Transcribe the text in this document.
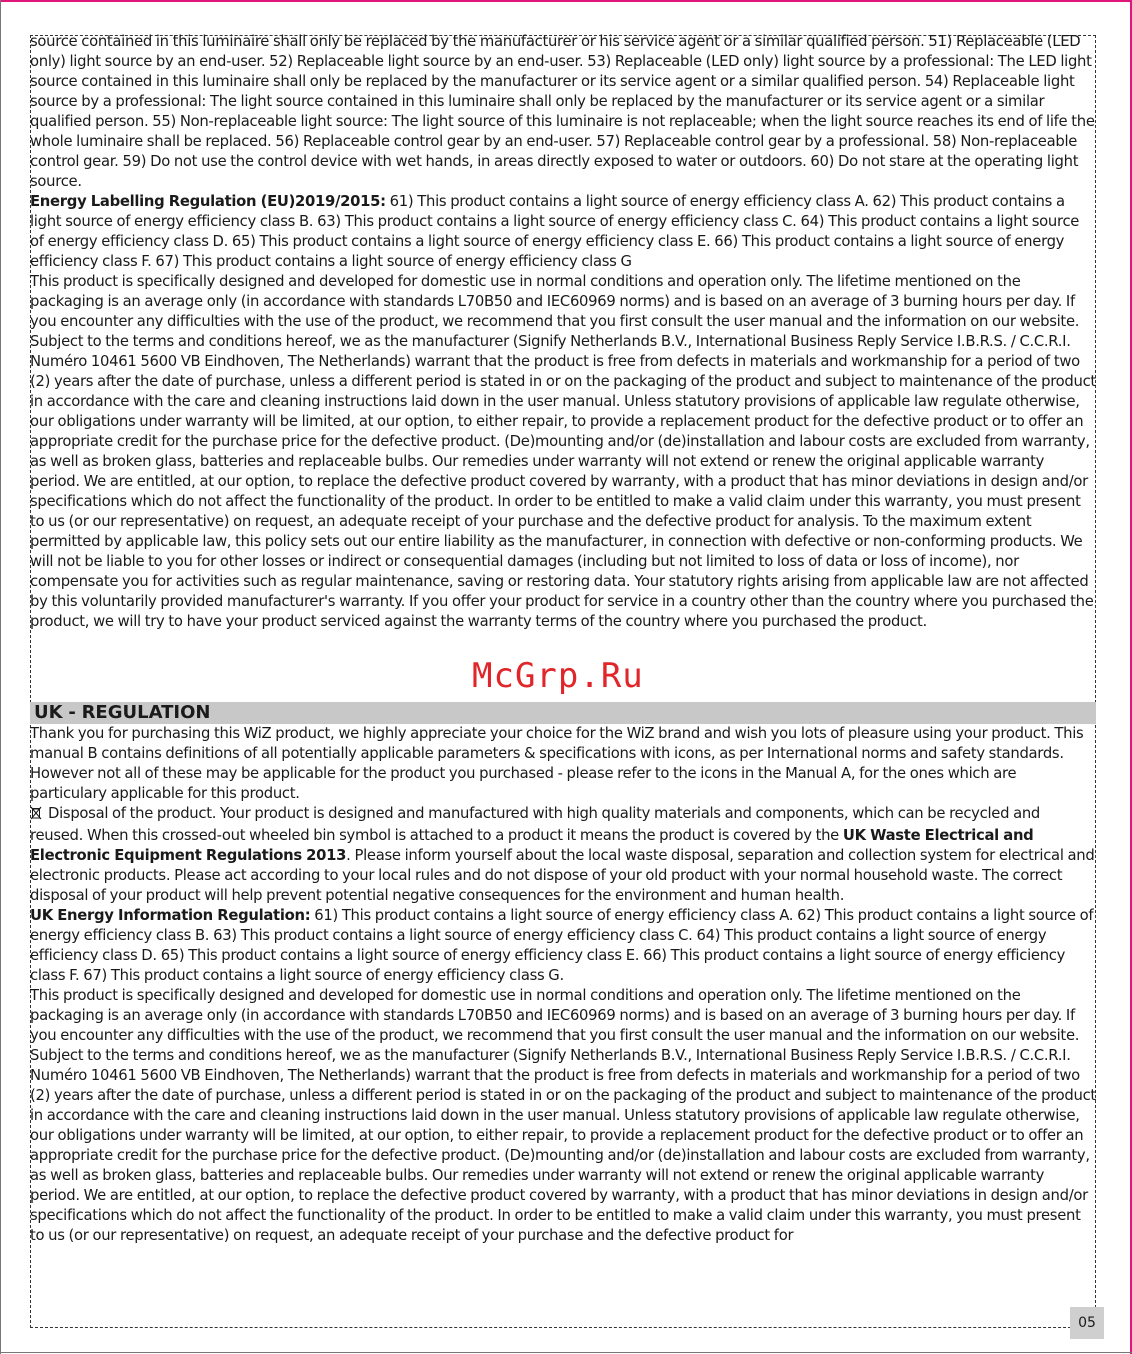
source contained in this luminaire shall only be replaced by the manufacturer or his service agent or a similar qualified person. 51) Replaceable (LED only) light source by an end-user. 52) Replaceable light source by an end-user. 53) Replaceable (LED only) light source by a professional: The LED light source contained in this luminaire shall only be replaced by the manufacturer or its service agent or a similar qualified person. 54) Replaceable light source by a professional: The light source contained in this luminaire shall only be replaced by the manufacturer or its service agent or a similar qualified person. 55) Non-replaceable light source: The light source of this luminaire is not replaceable; when the light source reaches its end of life the whole luminaire shall be replaced. 56) Replaceable control gear by an end-user. 57) Replaceable control gear by a professional. 58) Non-replaceable control gear. 59) Do not use the control device with wet hands, in areas directly exposed to water or outdoors. 60) Do not stare at the operating light source.

Energy Labelling Regulation (EU)2019/2015: 61) This product contains a light source of energy efficiency class A. 62) This product contains a light source of energy efficiency class B. 63) This product contains a light source of energy efficiency class C. 64) This product contains a light source of energy efficiency class D. 65) This product contains a light source of energy efficiency class E. 66) This product contains a light source of energy efficiency class F. 67) This product contains a light source of energy efficiency class G

This product is specifically designed and developed for domestic use in normal conditions and operation only. The lifetime mentioned on the packaging is an average only (in accordance with standards L70B50 and IEC60969 norms) and is based on an average of 3 burning hours per day. If you encounter any difficulties with the use of the product, we recommend that you first consult the user manual and the information on our website. Subject to the terms and conditions hereof, we as the manufacturer (Signify Netherlands B.V., International Business Reply Service I.B.R.S. / C.C.R.I. Numéro 10461 5600 VB Eindhoven, The Netherlands) warrant that the product is free from defects in materials and workmanship for a period of two (2) years after the date of purchase, unless a different period is stated in or on the packaging of the product and subject to maintenance of the product in accordance with the care and cleaning instructions laid down in the user manual. Unless statutory provisions of applicable law regulate otherwise, our obligations under warranty will be limited, at our option, to either repair, to provide a replacement product for the defective product or to offer an appropriate credit for the purchase price for the defective product. (De)mounting and/or (de)installation and labour costs are excluded from warranty, as well as broken glass, batteries and replaceable bulbs. Our remedies under warranty will not extend or renew the original applicable warranty period. We are entitled, at our option, to replace the defective product covered by warranty, with a product that has minor deviations in design and/or specifications which do not affect the functionality of the product. In order to be entitled to make a valid claim under this warranty, you must present to us (or our representative) on request, an adequate receipt of your purchase and the defective product for analysis. To the maximum extent permitted by applicable law, this policy sets out our entire liability as the manufacturer, in connection with defective or non-conforming products. We will not be liable to you for other losses or indirect or consequential damages (including but not limited to loss of data or loss of income), nor compensate you for activities such as regular maintenance, saving or restoring data. Your statutory rights arising from applicable law are not affected by this voluntarily provided manufacturer's warranty. If you offer your product for service in a country other than the country where you purchased the product, we will try to have your product serviced against the warranty terms of the country where you purchased the product.

UK - REGULATION

Thank you for purchasing this WiZ product, we highly appreciate your choice for the WiZ brand and wish you lots of pleasure using your product. This manual B contains definitions of all potentially applicable parameters & specifications with icons, as per International norms and safety standards. However not all of these may be applicable for the product you purchased - please refer to the icons in the Manual A, for the ones which are particulary applicable for this product.

Disposal of the product. Your product is designed and manufactured with high quality materials and components, which can be recycled and reused. When this crossed-out wheeled bin symbol is attached to a product it means the product is covered by the UK Waste Electrical and Electronic Equipment Regulations 2013. Please inform yourself about the local waste disposal, separation and collection system for electrical and electronic products. Please act according to your local rules and do not dispose of your old product with your normal household waste. The correct disposal of your product will help prevent potential negative consequences for the environment and human health.

UK Energy Information Regulation: 61) This product contains a light source of energy efficiency class A. 62) This product contains a light source of energy efficiency class B. 63) This product contains a light source of energy efficiency class C. 64) This product contains a light source of energy efficiency class D. 65) This product contains a light source of energy efficiency class E. 66) This product contains a light source of energy efficiency class F. 67) This product contains a light source of energy efficiency class G.

This product is specifically designed and developed for domestic use in normal conditions and operation only. The lifetime mentioned on the packaging is an average only (in accordance with standards L70B50 and IEC60969 norms) and is based on an average of 3 burning hours per day. If you encounter any difficulties with the use of the product, we recommend that you first consult the user manual and the information on our website. Subject to the terms and conditions hereof, we as the manufacturer (Signify Netherlands B.V., International Business Reply Service I.B.R.S. / C.C.R.I. Numéro 10461 5600 VB Eindhoven, The Netherlands) warrant that the product is free from defects in materials and workmanship for a period of two (2) years after the date of purchase, unless a different period is stated in or on the packaging of the product and subject to maintenance of the product in accordance with the care and cleaning instructions laid down in the user manual. Unless statutory provisions of applicable law regulate otherwise, our obligations under warranty will be limited, at our option, to either repair, to provide a replacement product for the defective product or to offer an appropriate credit for the purchase price for the defective product. (De)mounting and/or (de)installation and labour costs are excluded from warranty, as well as broken glass, batteries and replaceable bulbs. Our remedies under warranty will not extend or renew the original applicable warranty period. We are entitled, at our option, to replace the defective product covered by warranty, with a product that has minor deviations in design and/or specifications which do not affect the functionality of the product. In order to be entitled to make a valid claim under this warranty, you must present to us (or our representative) on request, an adequate receipt of your purchase and the defective product for

McGrp.Ru
05
